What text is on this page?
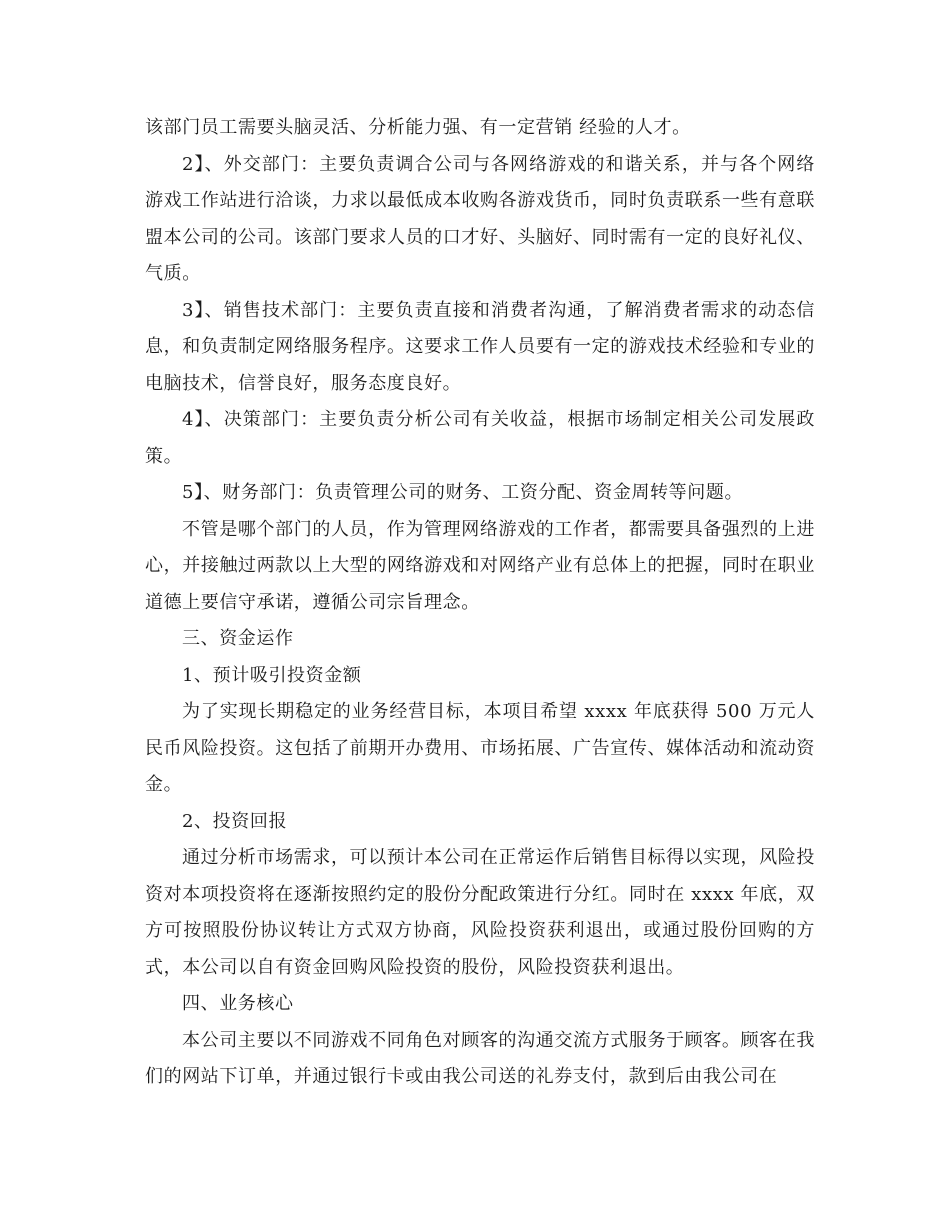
该部门员工需要头脑灵活、分析能力强、有一定营销 经验的人才。

2】、外交部门：主要负责调合公司与各网络游戏的和谐关系，并与各个网络游戏工作站进行洽谈，力求以最低成本收购各游戏货币，同时负责联系一些有意联盟本公司的公司。该部门要求人员的口才好、头脑好、同时需有一定的良好礼仪、气质。

3】、销售技术部门：主要负责直接和消费者沟通，了解消费者需求的动态信息，和负责制定网络服务程序。这要求工作人员要有一定的游戏技术经验和专业的电脑技术，信誉良好，服务态度良好。

4】、决策部门：主要负责分析公司有关收益，根据市场制定相关公司发展政策。

5】、财务部门：负责管理公司的财务、工资分配、资金周转等问题。

不管是哪个部门的人员，作为管理网络游戏的工作者，都需要具备强烈的上进心，并接触过两款以上大型的网络游戏和对网络产业有总体上的把握，同时在职业道德上要信守承诺，遵循公司宗旨理念。

三、资金运作

1、预计吸引投资金额

为了实现长期稳定的业务经营目标，本项目希望 xxxx 年底获得 500 万元人民币风险投资。这包括了前期开办费用、市场拓展、广告宣传、媒体活动和流动资金。

2、投资回报

通过分析市场需求，可以预计本公司在正常运作后销售目标得以实现，风险投资对本项投资将在逐渐按照约定的股份分配政策进行分红。同时在 xxxx 年底，双方可按照股份协议转让方式双方协商，风险投资获利退出，或通过股份回购的方式，本公司以自有资金回购风险投资的股份，风险投资获利退出。

四、业务核心

本公司主要以不同游戏不同角色对顾客的沟通交流方式服务于顾客。顾客在我们的网站下订单，并通过银行卡或由我公司送的礼券支付，款到后由我公司在
